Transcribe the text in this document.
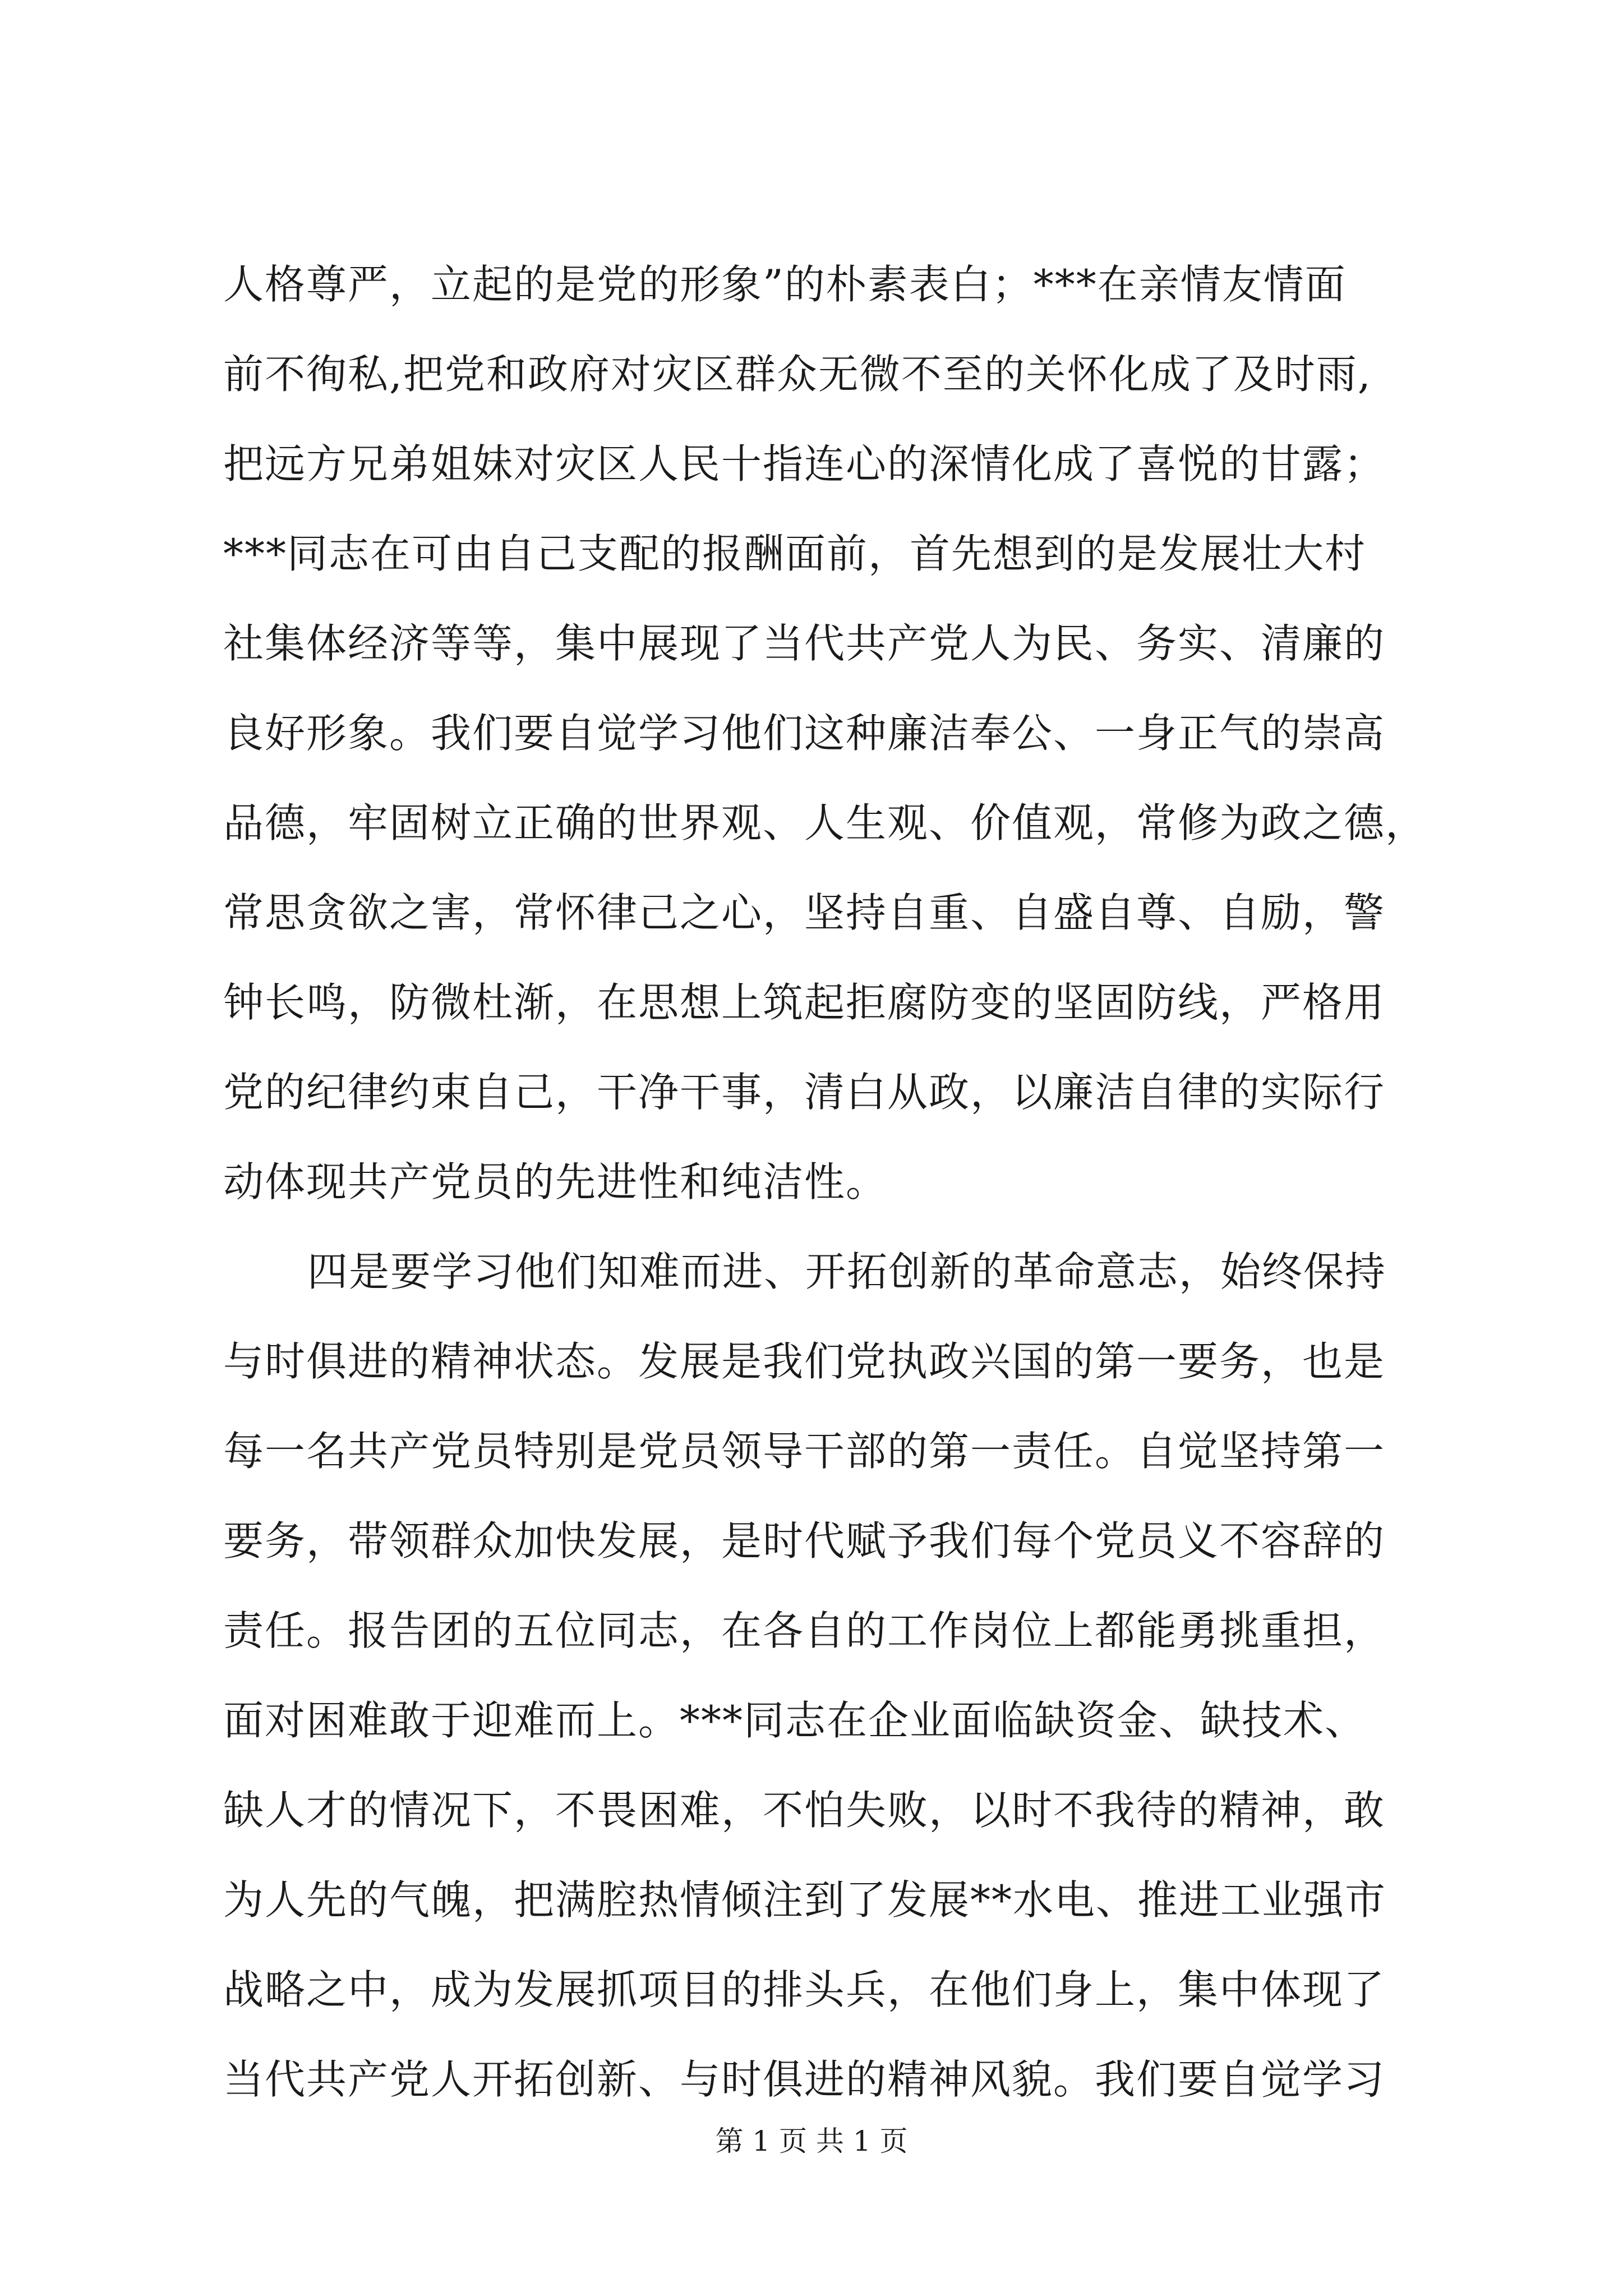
人格尊严，立起的是党的形象”的朴素表白；***在亲情友情面
前不徇私,把党和政府对灾区群众无微不至的关怀化成了及时雨,
把远方兄弟姐妹对灾区人民十指连心的深情化成了喜悦的甘露；
***同志在可由自己支配的报酬面前，首先想到的是发展壮大村
社集体经济等等，集中展现了当代共产党人为民、务实、清廉的
良好形象。我们要自觉学习他们这种廉洁奉公、一身正气的崇高
品德，牢固树立正确的世界观、人生观、价值观，常修为政之德，
常思贪欲之害，常怀律己之心，坚持自重、自盛自尊、自励，警
钟长鸣，防微杜渐，在思想上筑起拒腐防变的坚固防线，严格用
党的纪律约束自己，干净干事，清白从政，以廉洁自律的实际行
动体现共产党员的先进性和纯洁性。
四是要学习他们知难而进、开拓创新的革命意志，始终保持
与时俱进的精神状态。发展是我们党执政兴国的第一要务，也是
每一名共产党员特别是党员领导干部的第一责任。自觉坚持第一
要务，带领群众加快发展，是时代赋予我们每个党员义不容辞的
责任。报告团的五位同志，在各自的工作岗位上都能勇挑重担，
面对困难敢于迎难而上。***同志在企业面临缺资金、缺技术、
缺人才的情况下，不畏困难，不怕失败，以时不我待的精神，敢
为人先的气魄，把满腔热情倾注到了发展**水电、推进工业强市
战略之中，成为发展抓项目的排头兵，在他们身上，集中体现了
当代共产党人开拓创新、与时俱进的精神风貌。我们要自觉学习
第 1 页 共 1 页
